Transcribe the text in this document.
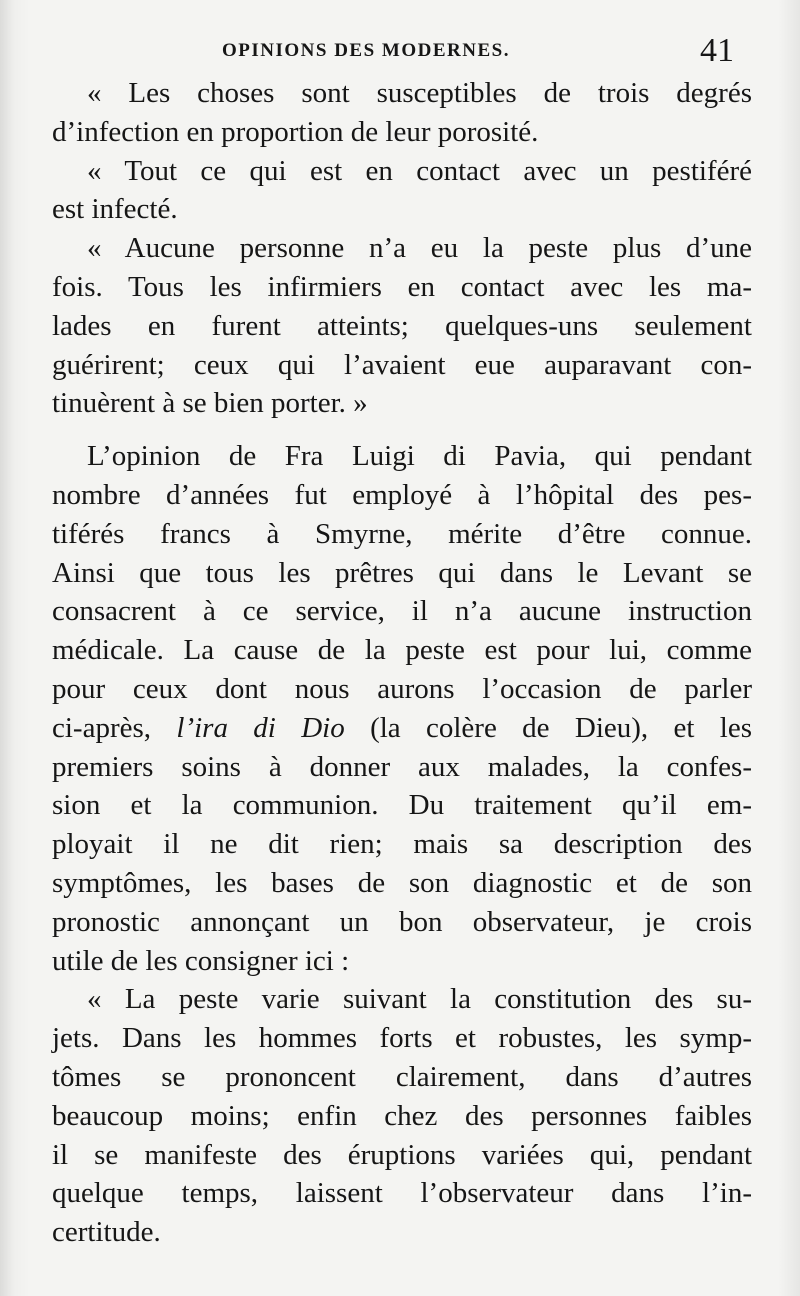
OPINIONS DES MODERNES.	41
« Les choses sont susceptibles de trois degrés
d’infection en proportion de leur porosité.
« Tout ce qui est en contact avec un pestiféré
est infecté.
« Aucune personne n’a eu la peste plus d’une
fois. Tous les infirmiers en contact avec les ma-
lades en furent atteints; quelques-uns seulement
guérirent; ceux qui l’avaient eue auparavant con-
tinuèrent à se bien porter. »
L’opinion de Fra Luigi di Pavia, qui pendant
nombre d’années fut employé à l’hôpital des pes-
tiférés francs à Smyrne, mérite d’être connue.
Ainsi que tous les prêtres qui dans le Levant se
consacrent à ce service, il n’a aucune instruction
médicale. La cause de la peste est pour lui, comme
pour ceux dont nous aurons l’occasion de parler
ci-après, l’ira di Dio (la colère de Dieu), et les
premiers soins à donner aux malades, la confes-
sion et la communion. Du traitement qu’il em-
ployait il ne dit rien; mais sa description des
symptômes, les bases de son diagnostic et de son
pronostic annonçant un bon observateur, je crois
utile de les consigner ici :
« La peste varie suivant la constitution des su-
jets. Dans les hommes forts et robustes, les symp-
tômes se prononcent clairement, dans d’autres
beaucoup moins; enfin chez des personnes faibles
il se manifeste des éruptions variées qui, pendant
quelque temps, laissent l’observateur dans l’in-
certitude.
